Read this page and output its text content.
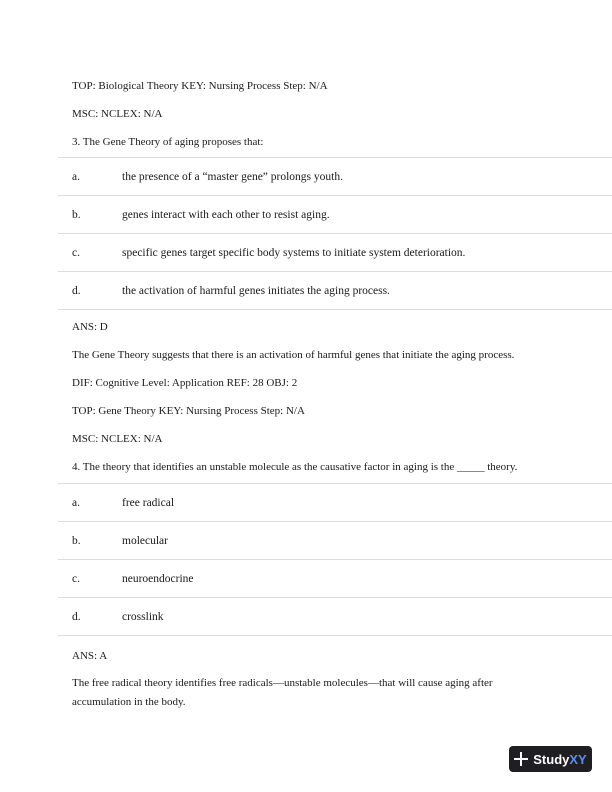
TOP: Biological Theory KEY: Nursing Process Step: N/A
MSC: NCLEX: N/A
3. The Gene Theory of aging proposes that:
a.	the presence of a “master gene” prolongs youth.
b.	genes interact with each other to resist aging.
c.	specific genes target specific body systems to initiate system deterioration.
d.	the activation of harmful genes initiates the aging process.
ANS: D
The Gene Theory suggests that there is an activation of harmful genes that initiate the aging process.
DIF: Cognitive Level: Application REF: 28 OBJ: 2
TOP: Gene Theory KEY: Nursing Process Step: N/A
MSC: NCLEX: N/A
4. The theory that identifies an unstable molecule as the causative factor in aging is the _____ theory.
a.	free radical
b.	molecular
c.	neuroendocrine
d.	crosslink
ANS: A
The free radical theory identifies free radicals—unstable molecules—that will cause aging after accumulation in the body.
StudyXY
